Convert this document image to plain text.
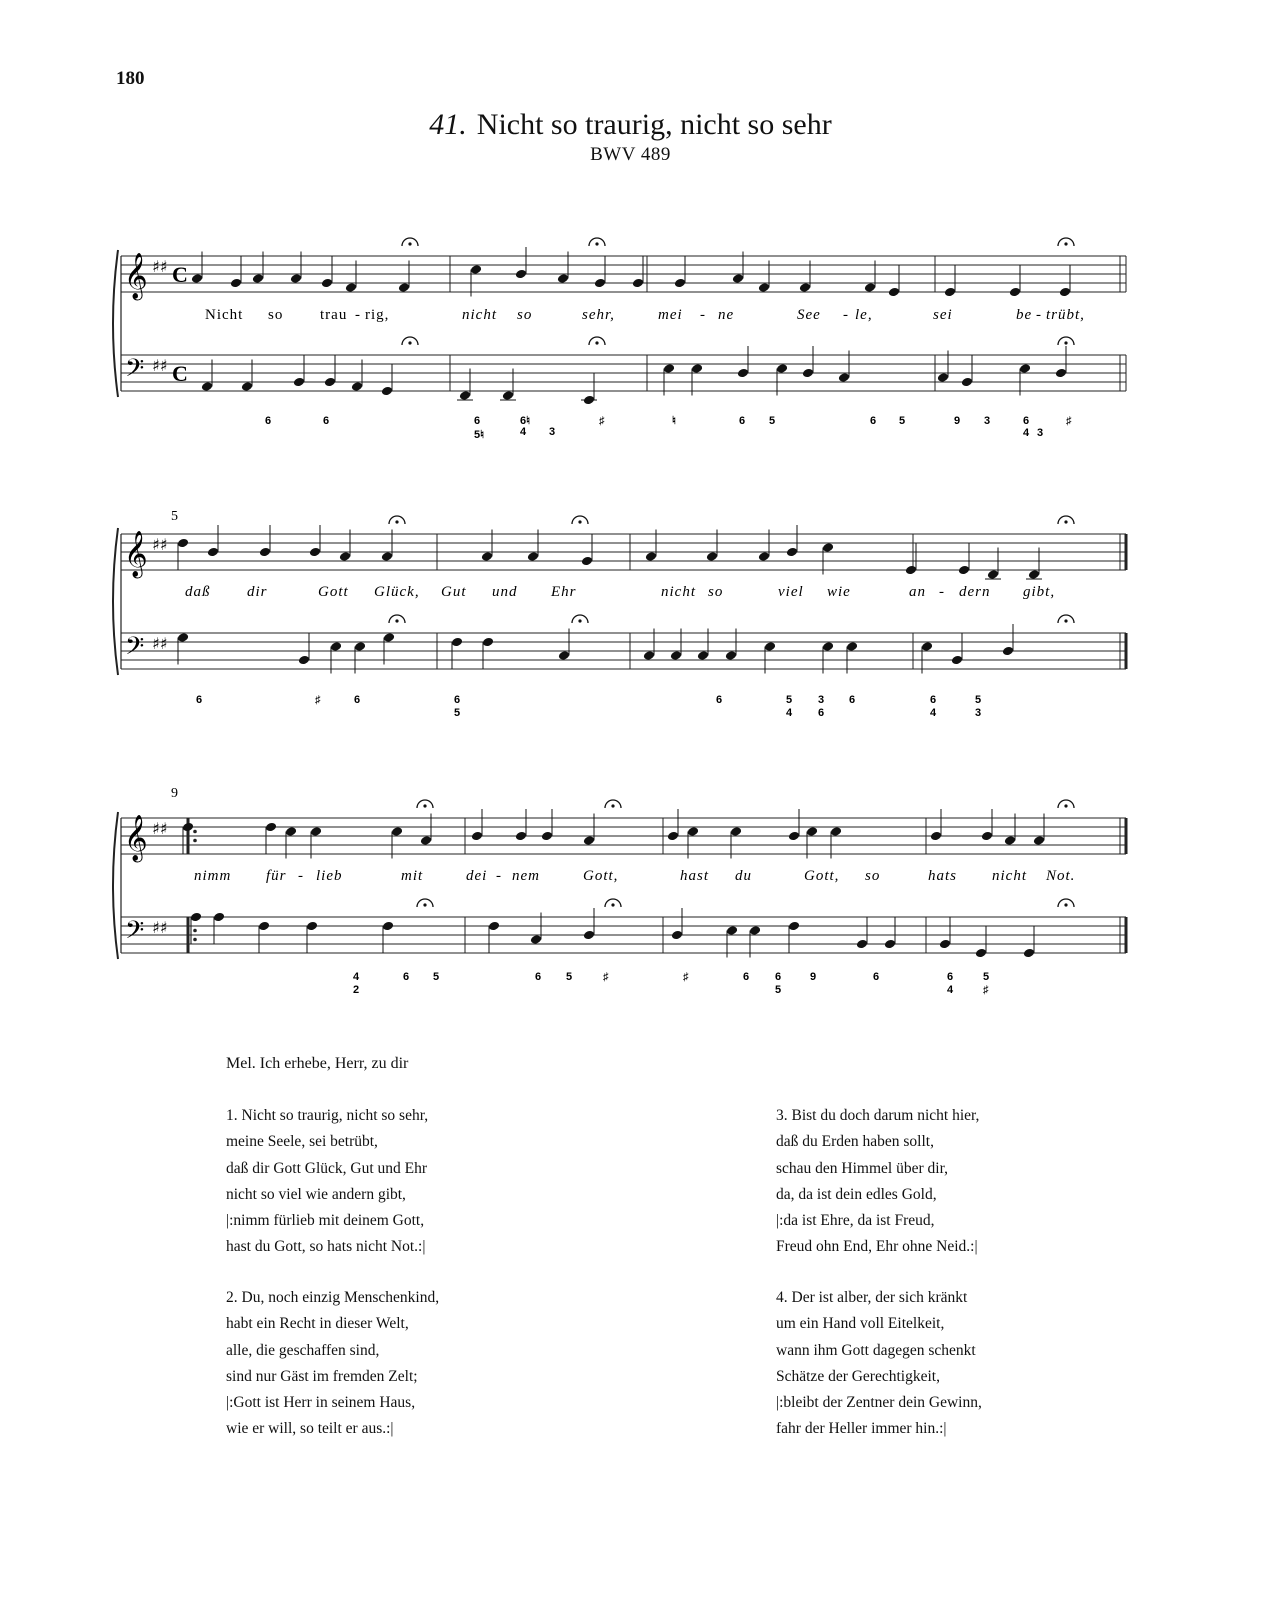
180
41. Nicht so traurig, nicht so sehr
BWV 489
𝄞 ♯♯ C
𝄢 ♯♯ C
Nicht so trau - rig,	nicht so	sehr,	mei - ne	See - le,	sei	be - trübt,
6	6	6
5♮
6♮
4 3
♯	♮	6 5	6 5	9 3	6
4 3
♯
𝄞 ♯♯
𝄢 ♯♯
5
daß dir	Gott Glück, Gut und Ehr	nicht so	viel wie	an - dern gibt,
6	♯	6	6
5
6	5 3 6
4 6
6
4
5
3
𝄞 ♯♯
𝄢 ♯♯
9
nimm für - lieb	mit	dei - nem	Gott,	hast du	Gott, so	hats nicht Not.
4
2
6 5	6 5	♯	♯	6 6
5
9	6	6
4
5
♯
Mel. Ich erhebe, Herr, zu dir
1. Nicht so traurig, nicht so sehr,
meine Seele, sei betrübt,
daß dir Gott Glück, Gut und Ehr
nicht so viel wie andern gibt,
|:nimm fürlieb mit deinem Gott,
hast du Gott, so hats nicht Not.:|
2. Du, noch einzig Menschenkind,
habt ein Recht in dieser Welt,
alle, die geschaffen sind,
sind nur Gäst im fremden Zelt;
|:Gott ist Herr in seinem Haus,
wie er will, so teilt er aus.:|
3. Bist du doch darum nicht hier,
daß du Erden haben sollt,
schau den Himmel über dir,
da, da ist dein edles Gold,
|:da ist Ehre, da ist Freud,
Freud ohn End, Ehr ohne Neid.:|
4. Der ist alber, der sich kränkt
um ein Hand voll Eitelkeit,
wann ihm Gott dagegen schenkt
Schätze der Gerechtigkeit,
|:bleibt der Zentner dein Gewinn,
fahr der Heller immer hin.:|
